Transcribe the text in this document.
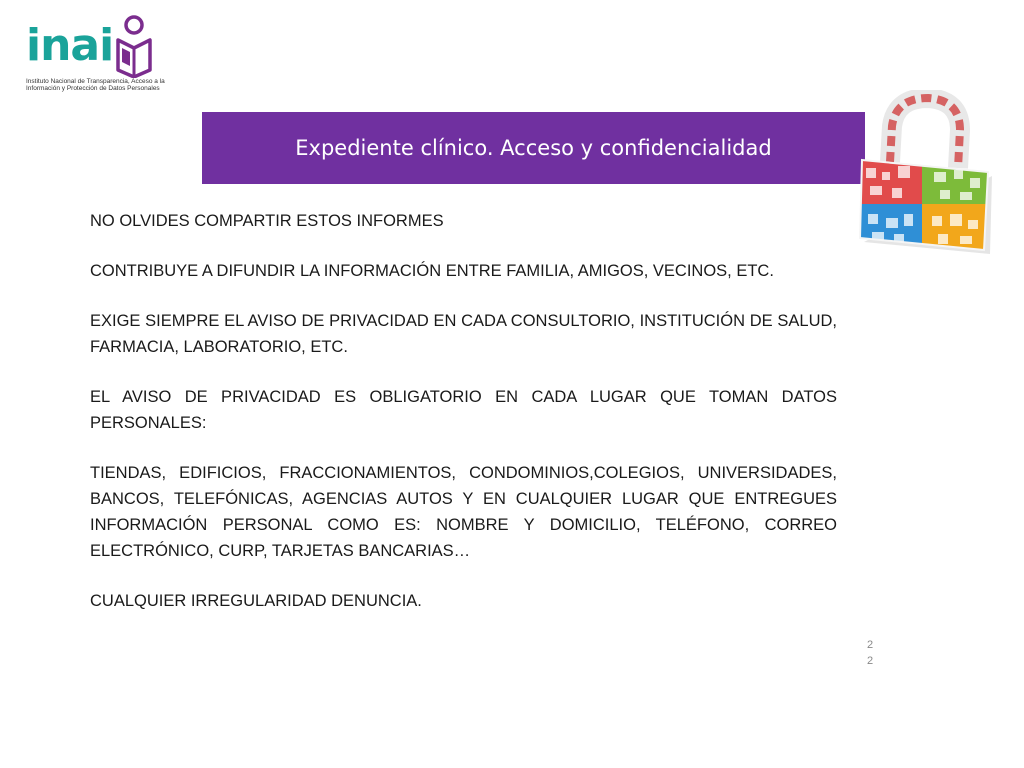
inai
Instituto Nacional de Transparencia, Acceso a la Información y Protección de Datos Personales
Expediente clínico. Acceso y confidencialidad

NO OLVIDES COMPARTIR ESTOS INFORMES

CONTRIBUYE A DIFUNDIR LA INFORMACIÓN ENTRE FAMILIA, AMIGOS, VECINOS, ETC.

EXIGE SIEMPRE EL AVISO DE PRIVACIDAD EN CADA CONSULTORIO, INSTITUCIÓN DE SALUD, FARMACIA, LABORATORIO, ETC.

EL AVISO DE PRIVACIDAD ES OBLIGATORIO EN CADA LUGAR QUE TOMAN DATOS PERSONALES:

TIENDAS, EDIFICIOS, FRACCIONAMIENTOS, CONDOMINIOS,COLEGIOS, UNIVERSIDADES, BANCOS, TELEFÓNICAS, AGENCIAS AUTOS Y EN CUALQUIER LUGAR QUE ENTREGUES INFORMACIÓN PERSONAL COMO ES: NOMBRE Y DOMICILIO, TELÉFONO, CORREO ELECTRÓNICO, CURP, TARJETAS BANCARIAS…

CUALQUIER IRREGULARIDAD DENUNCIA.

22
